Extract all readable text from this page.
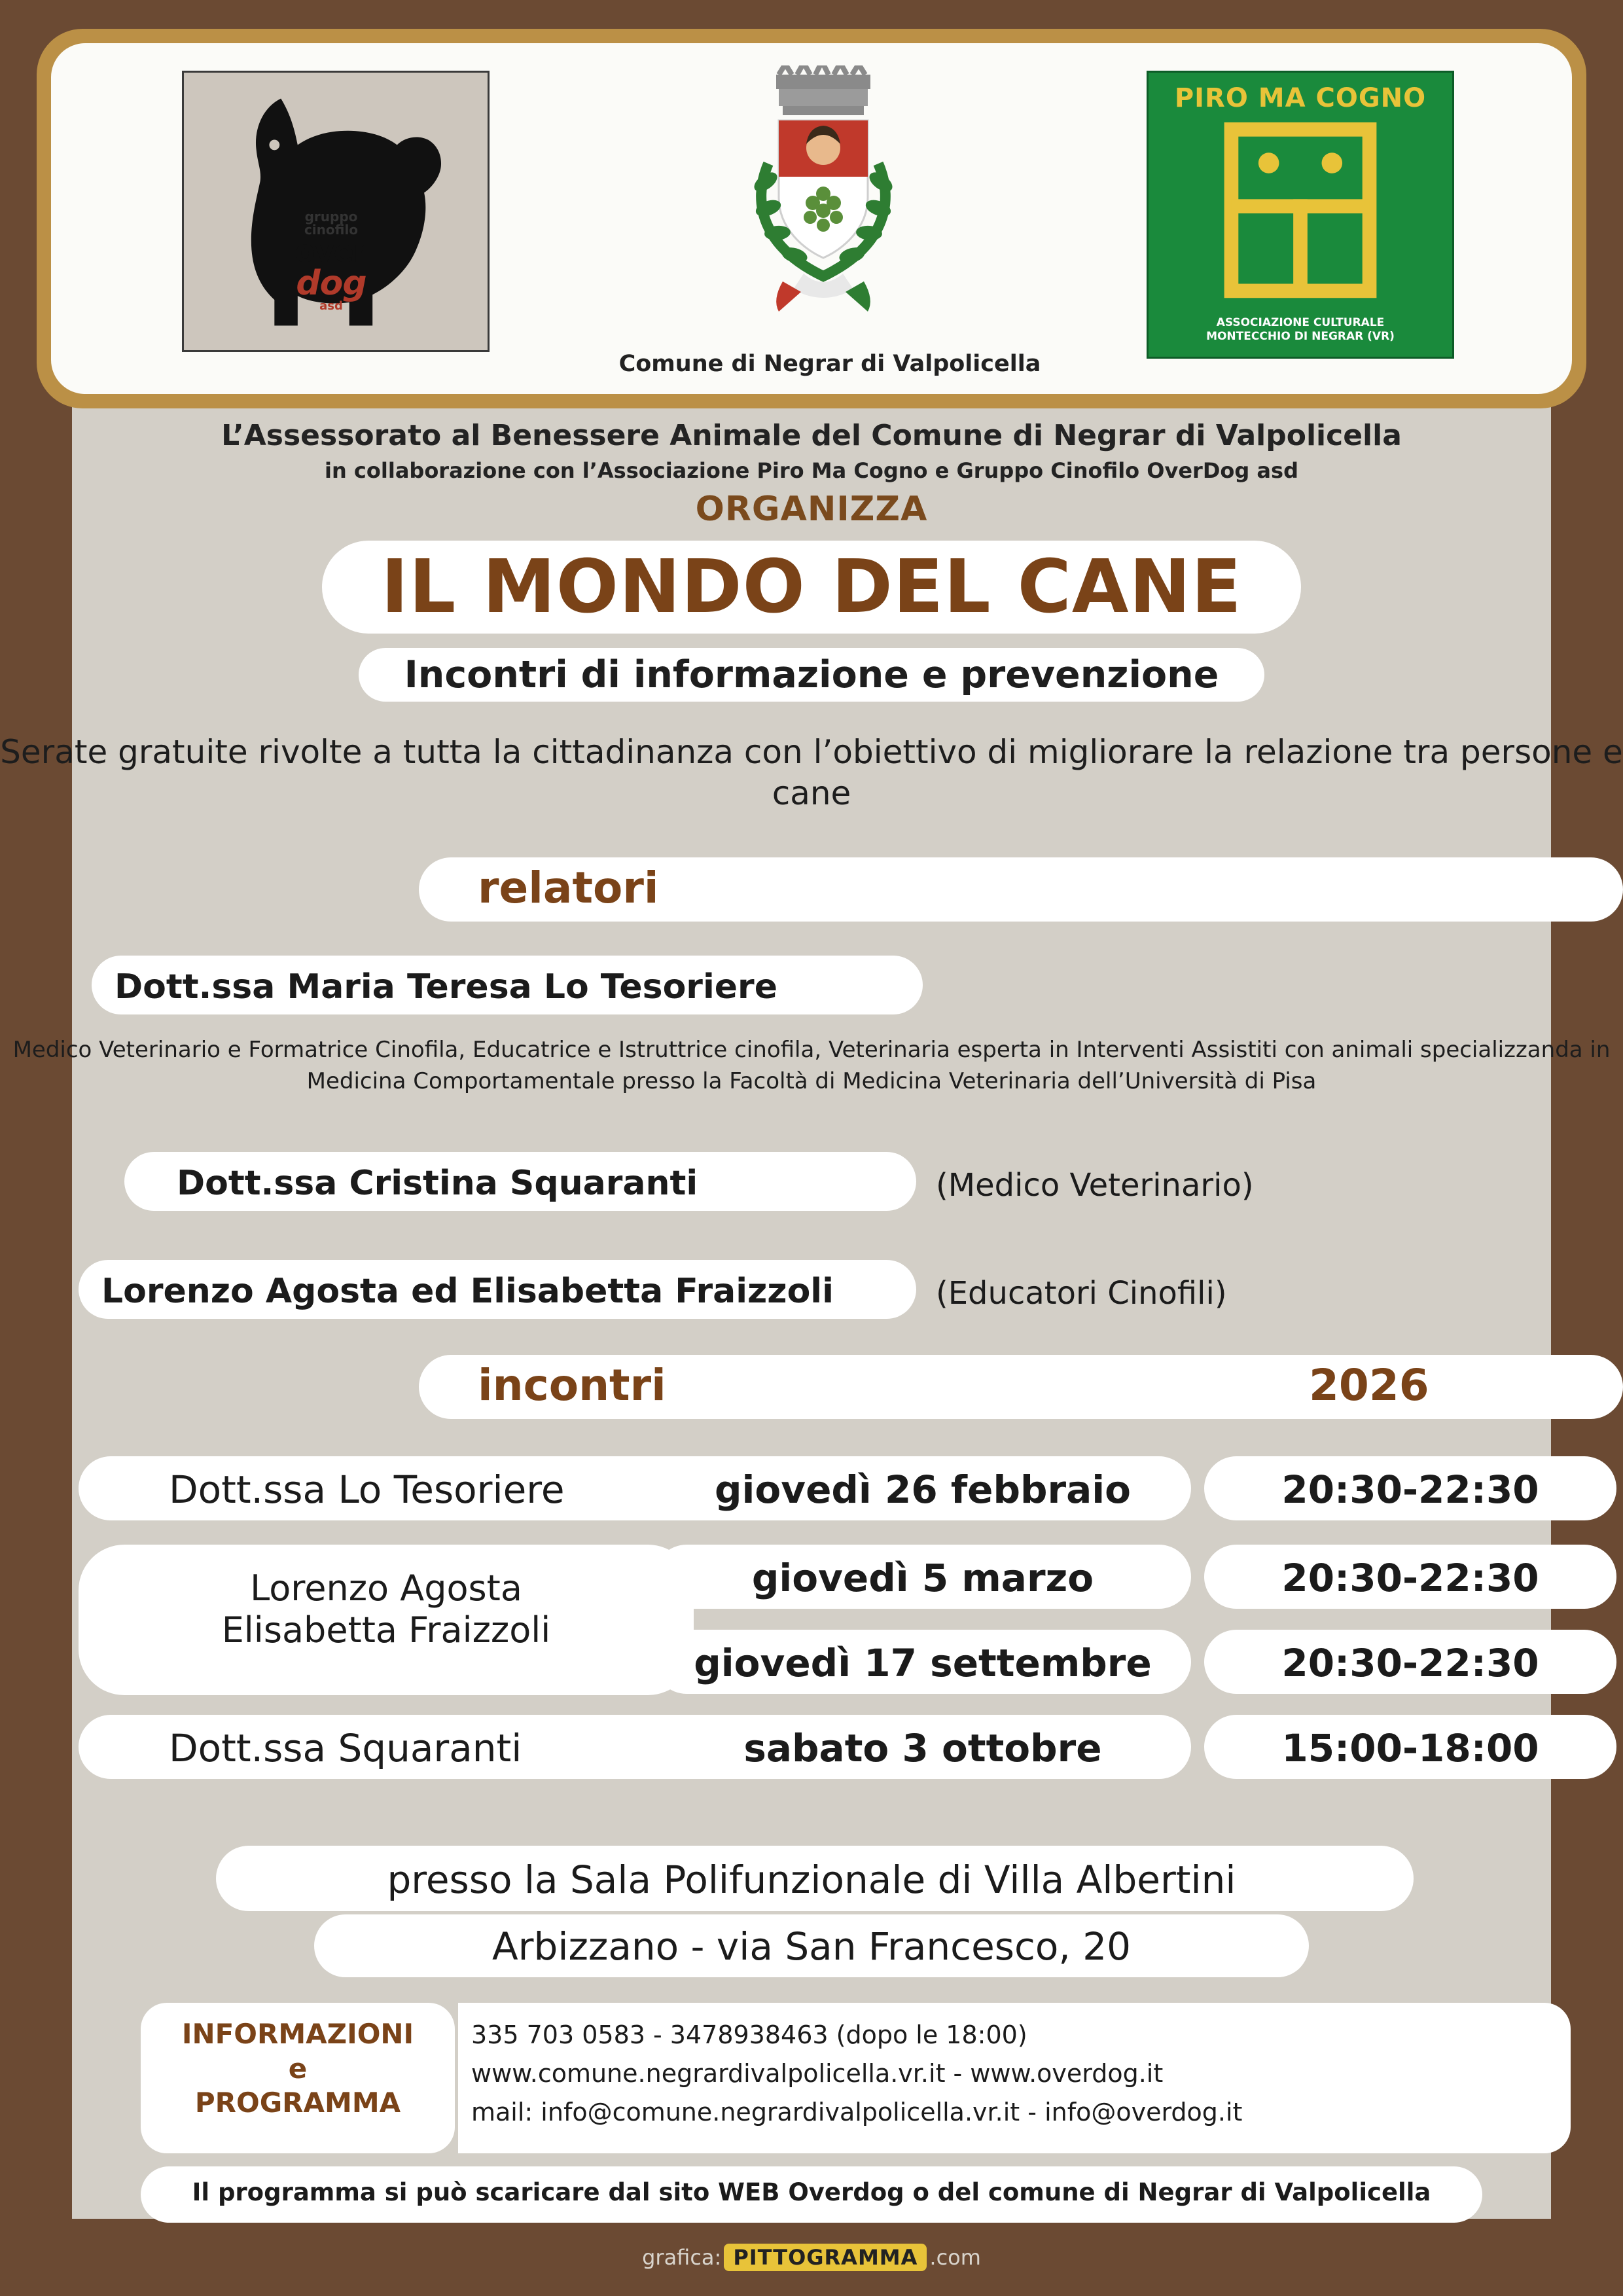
gruppo
cinofilo
over
dog
asd
Comune di Negrar di Valpolicella
PIRO MA COGNO
ASSOCIAZIONE CULTURALE
MONTECCHIO DI NEGRAR (VR)
L’Assessorato al Benessere Animale del Comune di Negrar di Valpolicella
in collaborazione con l’Associazione Piro Ma Cogno e Gruppo Cinofilo OverDog asd
ORGANIZZA
IL MONDO DEL CANE
Incontri di informazione e prevenzione
Serate gratuite rivolte a tutta la cittadinanza con l’obiettivo di migliorare la relazione tra persone e cane
relatori
Dott.ssa Maria Teresa Lo Tesoriere
Medico Veterinario e Formatrice Cinofila, Educatrice e Istruttrice cinofila, Veterinaria esperta in Interventi Assistiti con animali specializzanda in Medicina Comportamentale presso la Facoltà di Medicina Veterinaria dell’Università di Pisa
Dott.ssa Cristina Squaranti	(Medico Veterinario)
Lorenzo Agosta ed Elisabetta Fraizzoli	(Educatori Cinofili)
incontri	2026
Dott.ssa Lo Tesoriere	giovedì 26 febbraio	20:30-22:30
Lorenzo Agosta
Elisabetta Fraizzoli
giovedì 5 marzo	20:30-22:30
giovedì 17 settembre	20:30-22:30
Dott.ssa Squaranti	sabato 3 ottobre	15:00-18:00
presso la Sala Polifunzionale di Villa Albertini
Arbizzano - via San Francesco, 20
INFORMAZIONI
e
PROGRAMMA
335 703 0583 - 3478938463 (dopo le 18:00)
www.comune.negrardivalpolicella.vr.it - www.overdog.it
mail: info@comune.negrardivalpolicella.vr.it - info@overdog.it
Il programma si può scaricare dal sito WEB Overdog o del comune di Negrar di Valpolicella
grafica: PITTOGRAMMA .com
